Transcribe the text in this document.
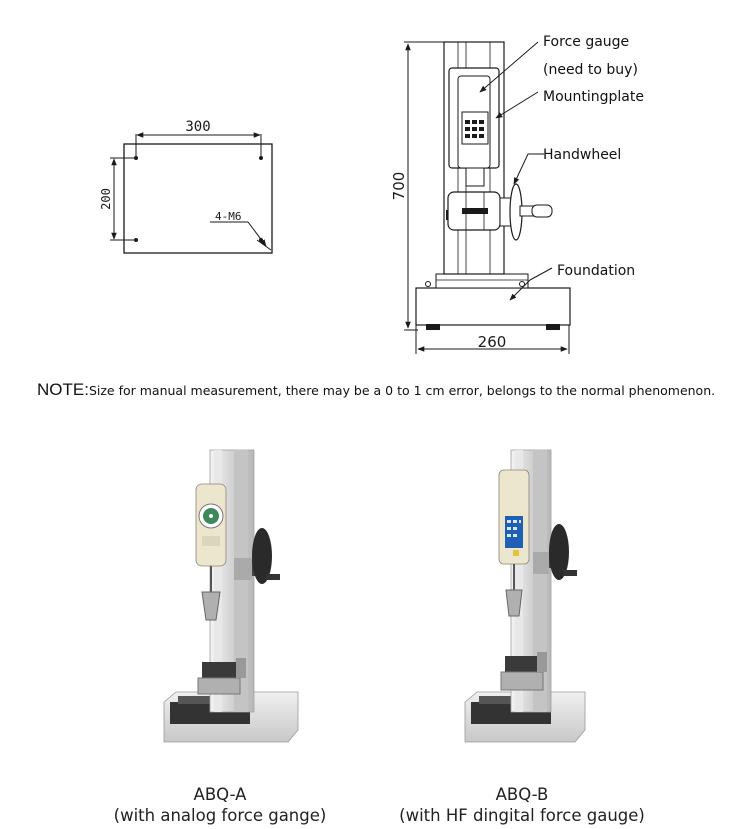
300
200
4-M6
700
260
Force gauge
(need to buy)
Mountingplate
Handwheel
Foundation
NOTE:Size for manual measurement, there may be a 0 to 1 cm error, belongs to the normal phenomenon.
ABQ-A
(with analog force gange)
ABQ-B
(with HF dingital force gauge)
